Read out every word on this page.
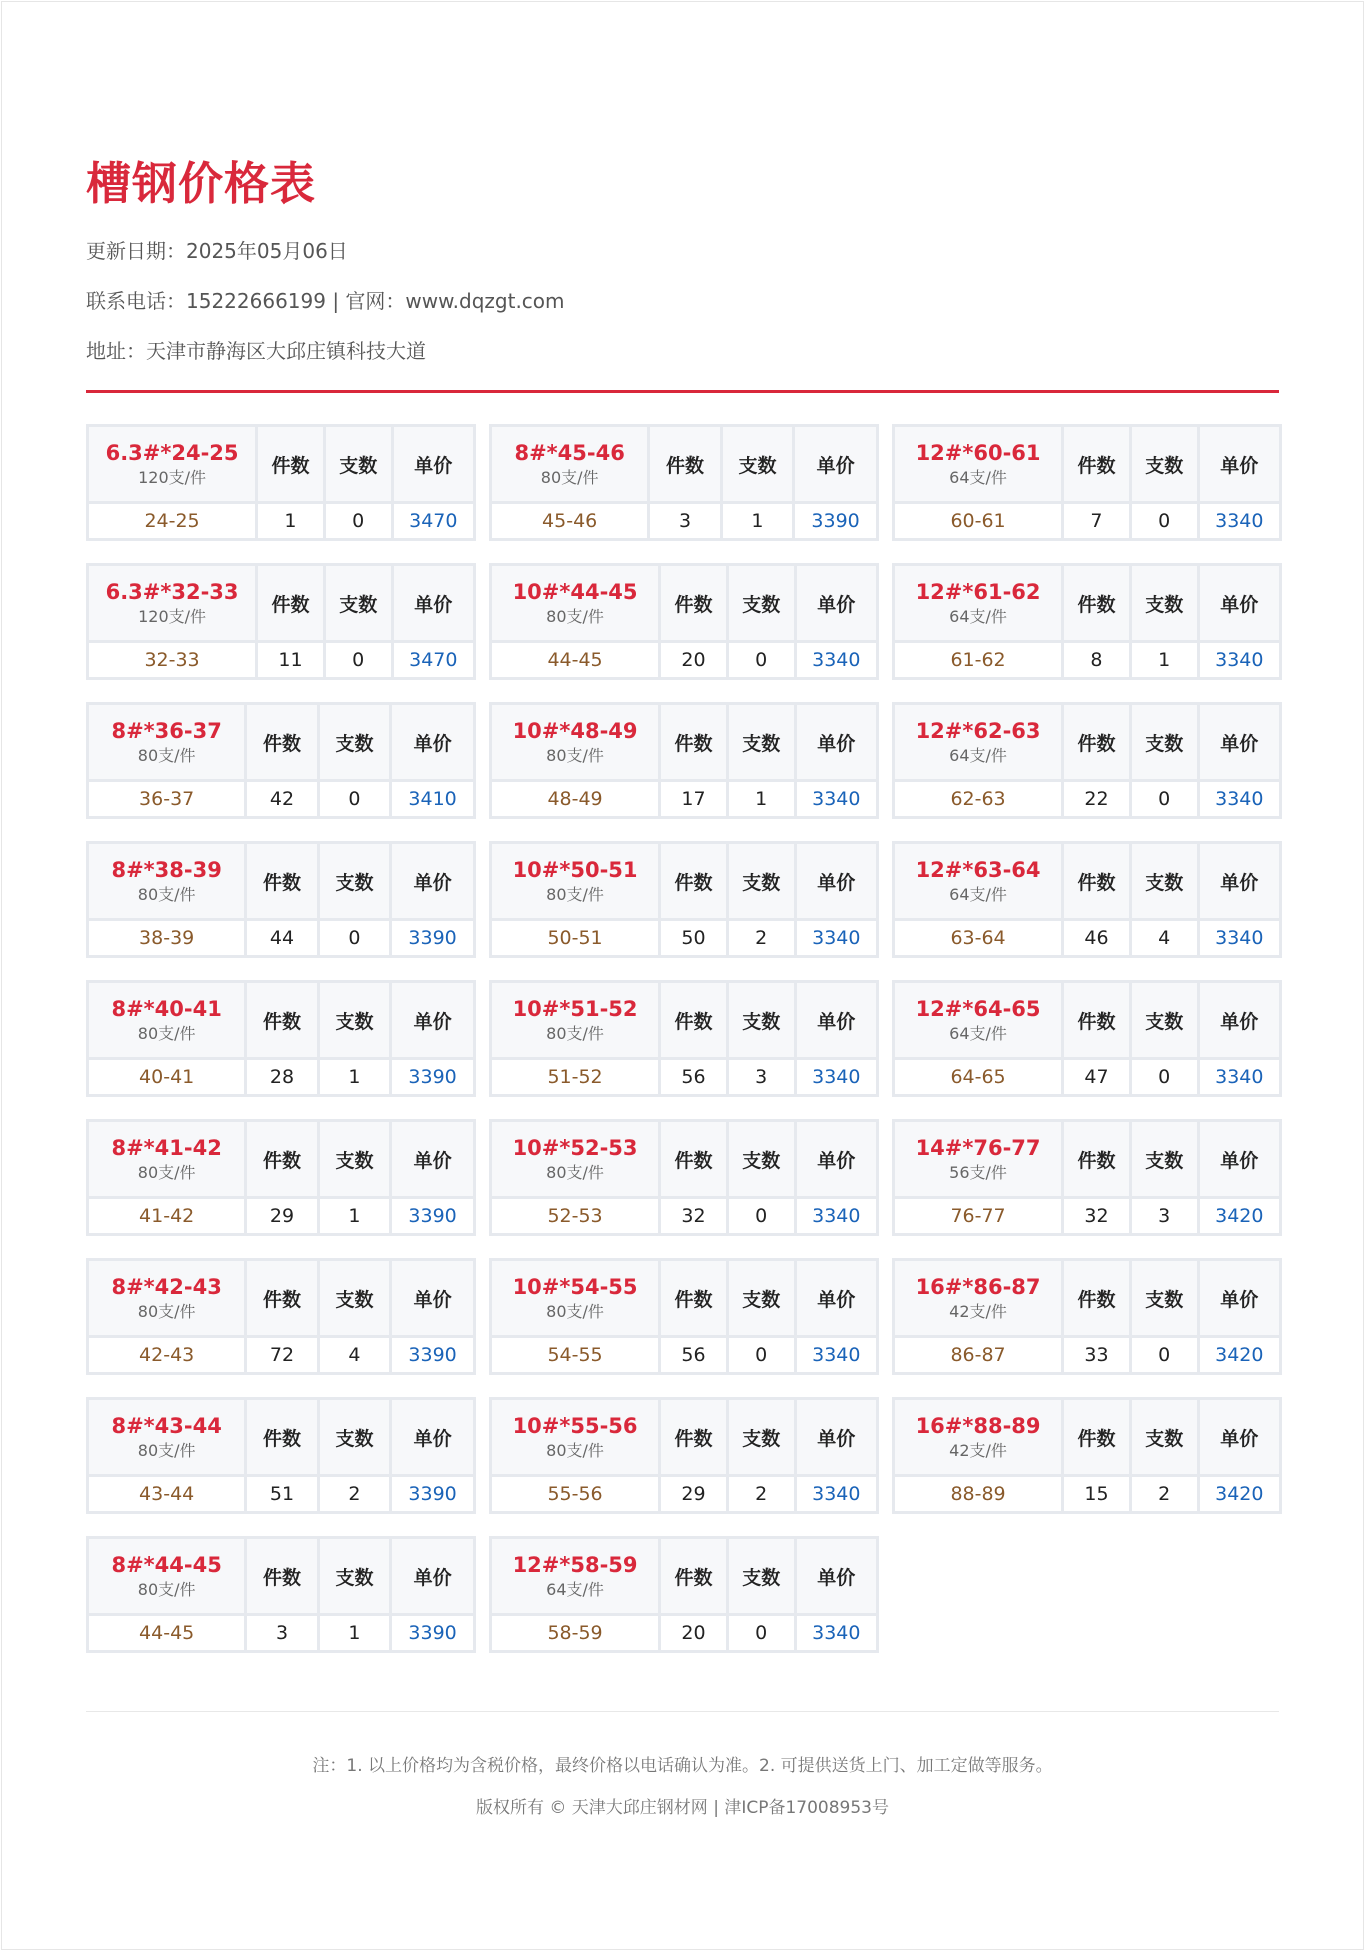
槽钢价格表
更新日期：2025年05月06日
联系电话：15222666199 | 官网：www.dqzgt.com
地址：天津市静海区大邱庄镇科技大道
6.3#*24-25
120支/件	件数	支数	单价
24-25	1	0	3470
8#*45-46
80支/件	件数	支数	单价
45-46	3	1	3390
12#*60-61
64支/件	件数	支数	单价
60-61	7	0	3340
6.3#*32-33
120支/件	件数	支数	单价
32-33	11	0	3470
10#*44-45
80支/件	件数	支数	单价
44-45	20	0	3340
12#*61-62
64支/件	件数	支数	单价
61-62	8	1	3340
8#*36-37
80支/件	件数	支数	单价
36-37	42	0	3410
10#*48-49
80支/件	件数	支数	单价
48-49	17	1	3340
12#*62-63
64支/件	件数	支数	单价
62-63	22	0	3340
8#*38-39
80支/件	件数	支数	单价
38-39	44	0	3390
10#*50-51
80支/件	件数	支数	单价
50-51	50	2	3340
12#*63-64
64支/件	件数	支数	单价
63-64	46	4	3340
8#*40-41
80支/件	件数	支数	单价
40-41	28	1	3390
10#*51-52
80支/件	件数	支数	单价
51-52	56	3	3340
12#*64-65
64支/件	件数	支数	单价
64-65	47	0	3340
8#*41-42
80支/件	件数	支数	单价
41-42	29	1	3390
10#*52-53
80支/件	件数	支数	单价
52-53	32	0	3340
14#*76-77
56支/件	件数	支数	单价
76-77	32	3	3420
8#*42-43
80支/件	件数	支数	单价
42-43	72	4	3390
10#*54-55
80支/件	件数	支数	单价
54-55	56	0	3340
16#*86-87
42支/件	件数	支数	单价
86-87	33	0	3420
8#*43-44
80支/件	件数	支数	单价
43-44	51	2	3390
10#*55-56
80支/件	件数	支数	单价
55-56	29	2	3340
16#*88-89
42支/件	件数	支数	单价
88-89	15	2	3420
8#*44-45
80支/件	件数	支数	单价
44-45	3	1	3390
12#*58-59
64支/件	件数	支数	单价
58-59	20	0	3340
注：1. 以上价格均为含税价格，最终价格以电话确认为准。2. 可提供送货上门、加工定做等服务。
版权所有 © 天津大邱庄钢材网 | 津ICP备17008953号
